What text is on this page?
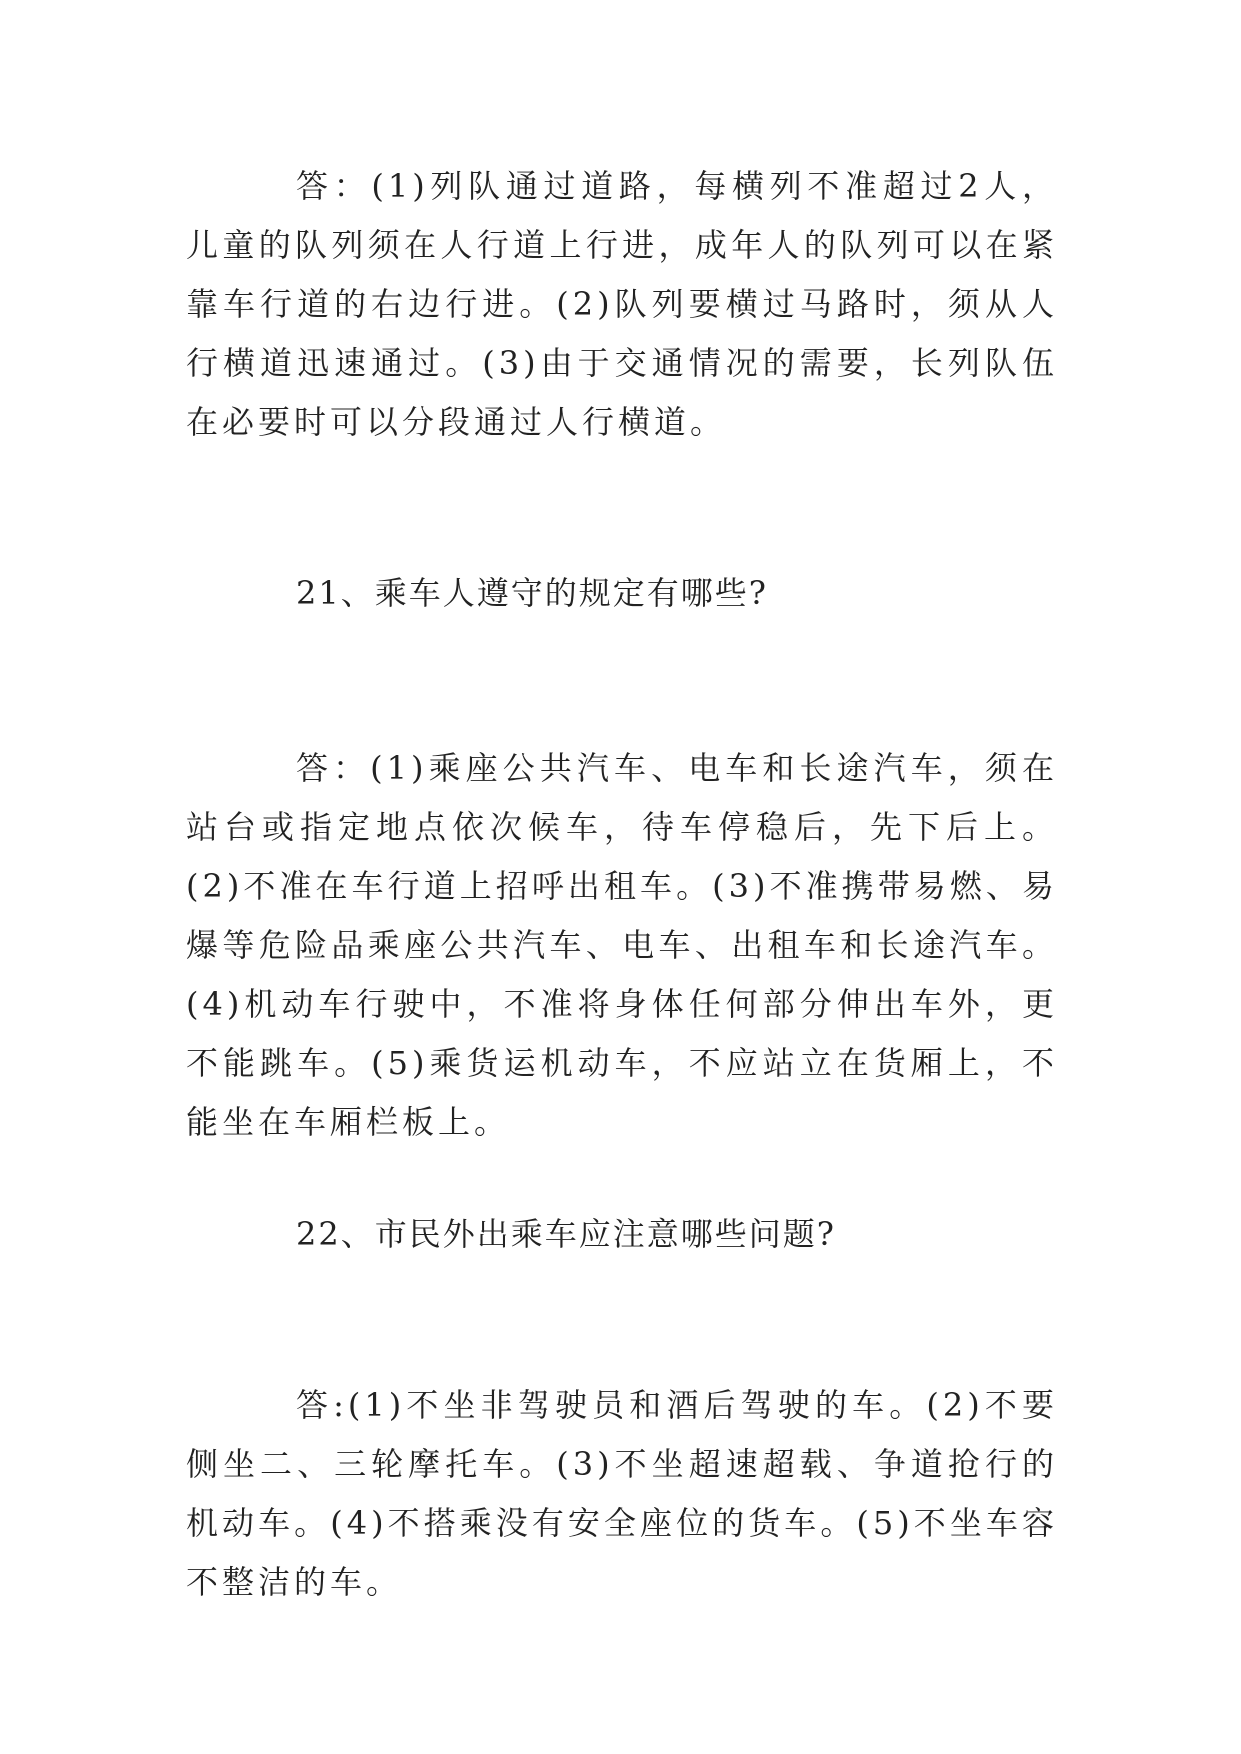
答：(1)列队通过道路，每横列不准超过2人，儿童的队列须在人行道上行进，成年人的队列可以在紧靠车行道的右边行进。(2)队列要横过马路时，须从人行横道迅速通过。(3)由于交通情况的需要，长列队伍在必要时可以分段通过人行横道。

21、乘车人遵守的规定有哪些?

答：(1)乘座公共汽车、电车和长途汽车，须在站台或指定地点依次候车，待车停稳后，先下后上。(2)不准在车行道上招呼出租车。(3)不准携带易燃、易爆等危险品乘座公共汽车、电车、出租车和长途汽车。(4)机动车行驶中，不准将身体任何部分伸出车外，更不能跳车。(5)乘货运机动车，不应站立在货厢上，不能坐在车厢栏板上。

22、市民外出乘车应注意哪些问题?

答:(1)不坐非驾驶员和酒后驾驶的车。(2)不要侧坐二、三轮摩托车。(3)不坐超速超载、争道抢行的机动车。(4)不搭乘没有安全座位的货车。(5)不坐车容不整洁的车。
